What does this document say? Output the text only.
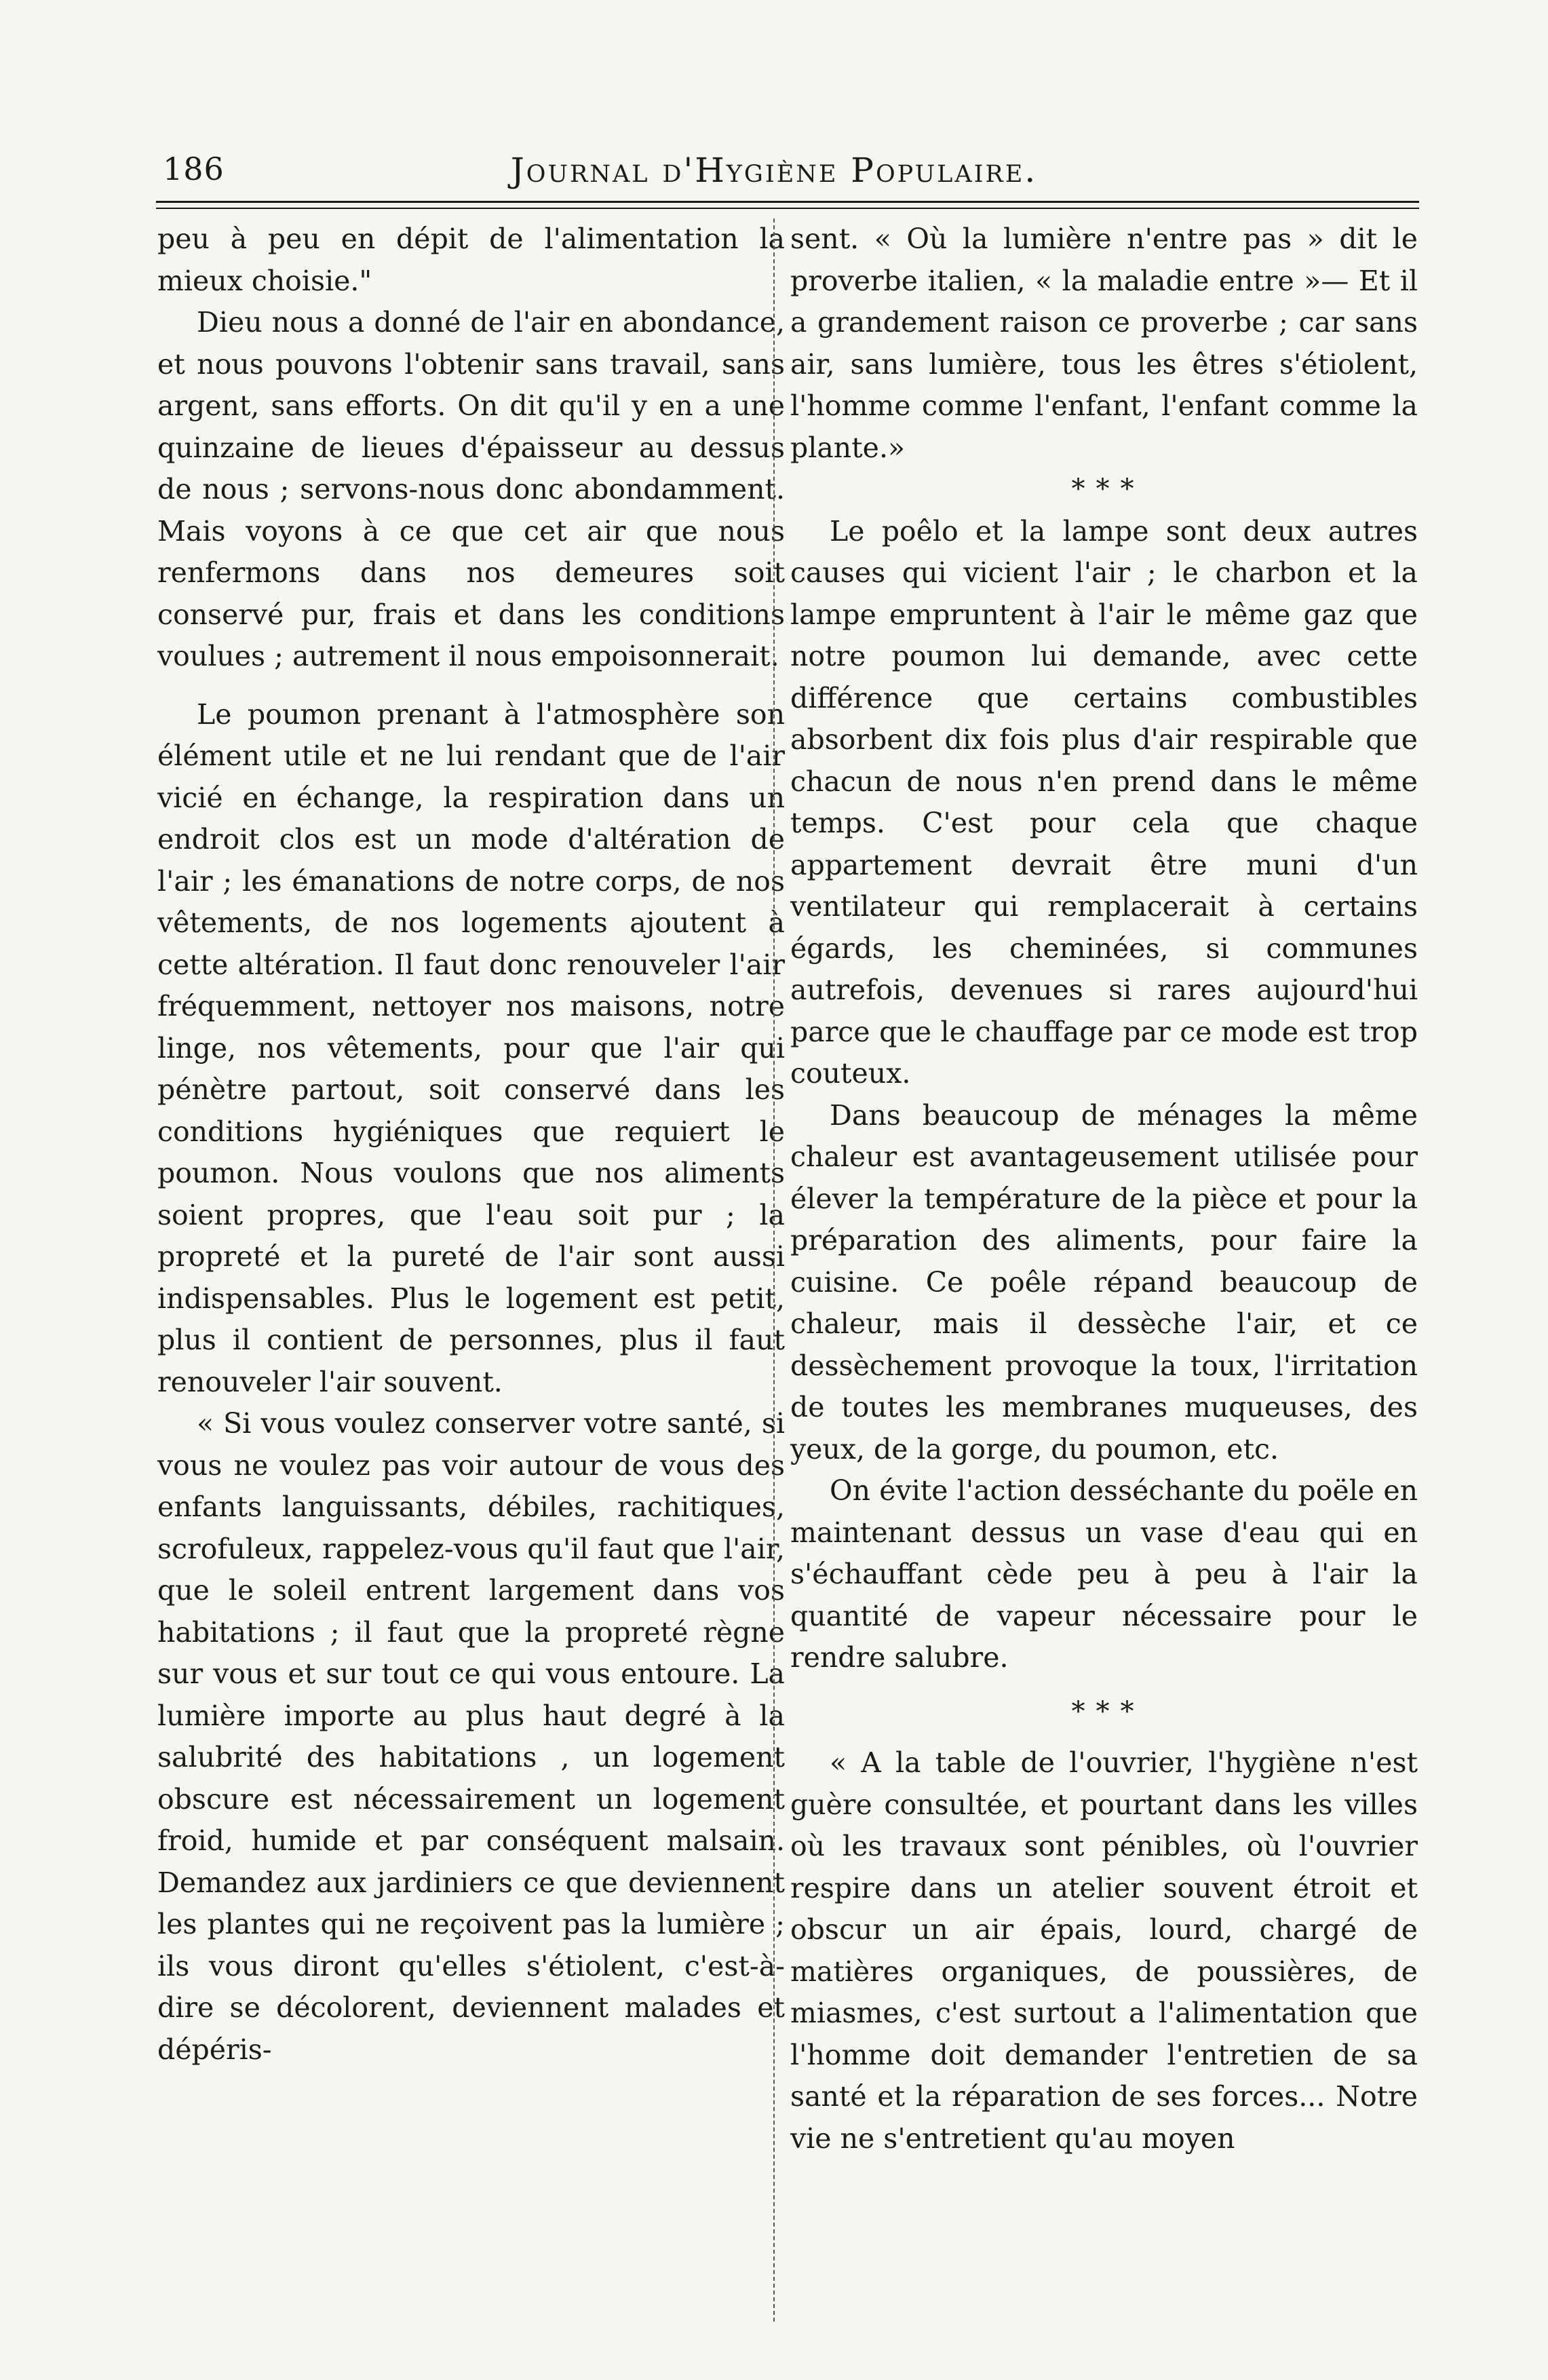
186	Journal d'Hygiène Populaire.

peu à peu en dépit de l'alimentation la mieux choisie."

Dieu nous a donné de l'air en abondance, et nous pouvons l'obtenir sans travail, sans argent, sans efforts. On dit qu'il y en a une quinzaine de lieues d'épaisseur au dessus de nous ; servons-nous donc abondamment. Mais voyons à ce que cet air que nous renfermons dans nos demeures soit conservé pur, frais et dans les conditions voulues ; autrement il nous empoisonnerait.

Le poumon prenant à l'atmosphère son élément utile et ne lui rendant que de l'air vicié en échange, la respiration dans un endroit clos est un mode d'altération de l'air ; les émanations de notre corps, de nos vêtements, de nos logements ajoutent à cette altération. Il faut donc renouveler l'air fréquemment, nettoyer nos maisons, notre linge, nos vêtements, pour que l'air qui pénètre partout, soit conservé dans les conditions hygiéniques que requiert le poumon. Nous voulons que nos aliments soient propres, que l'eau soit pur ; la propreté et la pureté de l'air sont aussi indispensables. Plus le logement est petit, plus il contient de personnes, plus il faut renouveler l'air souvent.

« Si vous voulez conserver votre santé, si vous ne voulez pas voir autour de vous des enfants languissants, débiles, rachitiques, scrofuleux, rappelez-vous qu'il faut que l'air, que le soleil entrent largement dans vos habitations ; il faut que la propreté règne sur vous et sur tout ce qui vous entoure. La lumière importe au plus haut degré à la salubrité des habitations , un logement obscure est nécessairement un logement froid, humide et par conséquent malsain. Demandez aux jardiniers ce que deviennent les plantes qui ne reçoivent pas la lumière ; ils vous diront qu'elles s'étiolent, c'est-à-dire se décolorent, deviennent malades et dépéris-

sent. « Où la lumière n'entre pas » dit le proverbe italien, « la maladie entre »— Et il a grandement raison ce proverbe ; car sans air, sans lumière, tous les êtres s'étiolent, l'homme comme l'enfant, l'enfant comme la plante.»

* * *

Le poêlo et la lampe sont deux autres causes qui vicient l'air ; le charbon et la lampe empruntent à l'air le même gaz que notre poumon lui demande, avec cette différence que certains combustibles absorbent dix fois plus d'air respirable que chacun de nous n'en prend dans le même temps. C'est pour cela que chaque appartement devrait être muni d'un ventilateur qui remplacerait à certains égards, les cheminées, si communes autrefois, devenues si rares aujourd'hui parce que le chauffage par ce mode est trop couteux.

Dans beaucoup de ménages la même chaleur est avantageusement utilisée pour élever la température de la pièce et pour la préparation des aliments, pour faire la cuisine. Ce poêle répand beaucoup de chaleur, mais il dessèche l'air, et ce dessèchement provoque la toux, l'irritation de toutes les membranes muqueuses, des yeux, de la gorge, du poumon, etc.

On évite l'action desséchante du poële en maintenant dessus un vase d'eau qui en s'échauffant cède peu à peu à l'air la quantité de vapeur nécessaire pour le rendre salubre.

* * *

« A la table de l'ouvrier, l'hygiène n'est guère consultée, et pourtant dans les villes où les travaux sont pénibles, où l'ouvrier respire dans un atelier souvent étroit et obscur un air épais, lourd, chargé de matières organiques, de poussières, de miasmes, c'est surtout a l'alimentation que l'homme doit demander l'entretien de sa santé et la réparation de ses forces... Notre vie ne s'entretient qu'au moyen
